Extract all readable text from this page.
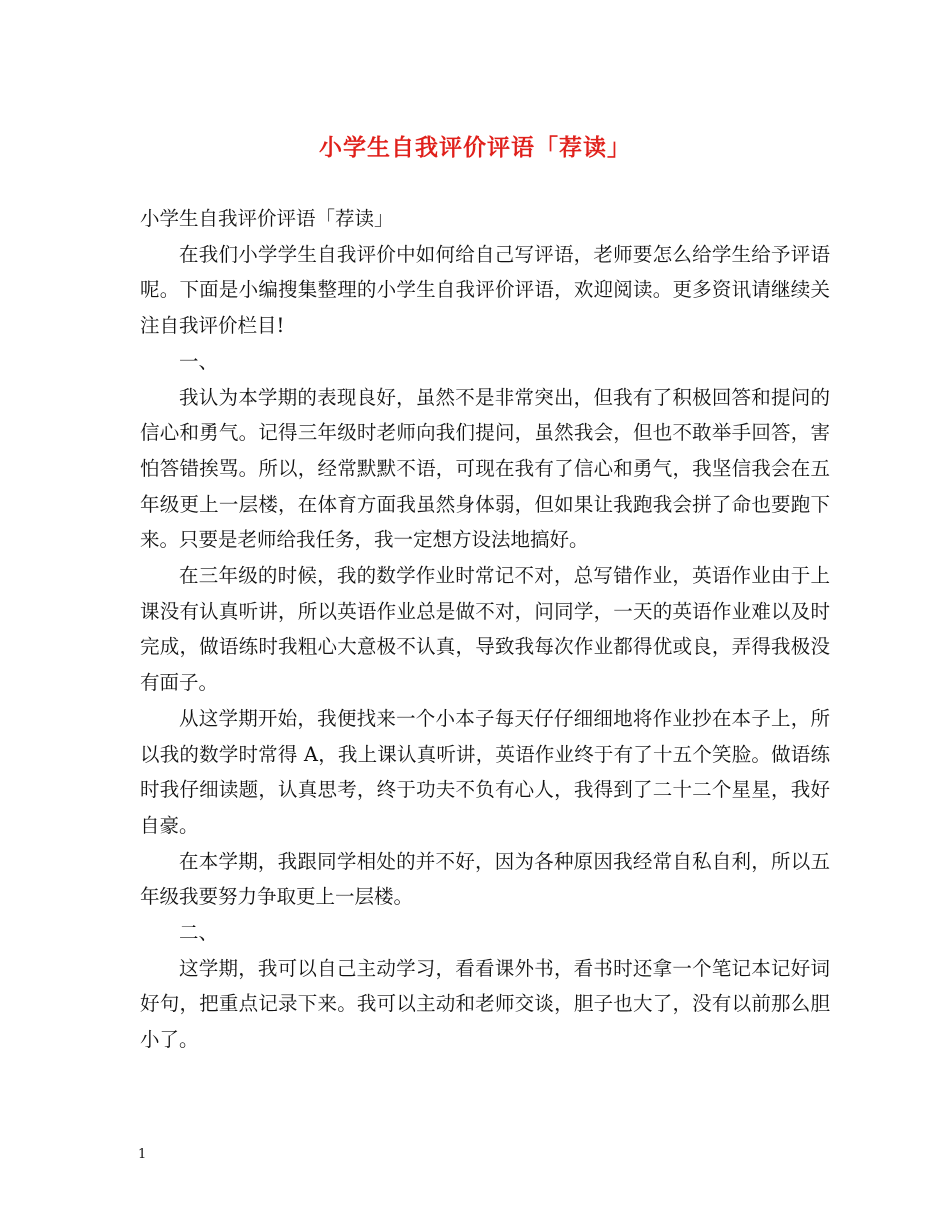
小学生自我评价评语「荐读」

小学生自我评价评语「荐读」

在我们小学学生自我评价中如何给自己写评语，老师要怎么给学生给予评语呢。下面是小编搜集整理的小学生自我评价评语，欢迎阅读。更多资讯请继续关注自我评价栏目!

一、

我认为本学期的表现良好，虽然不是非常突出，但我有了积极回答和提问的信心和勇气。记得三年级时老师向我们提问，虽然我会，但也不敢举手回答，害怕答错挨骂。所以，经常默默不语，可现在我有了信心和勇气，我坚信我会在五年级更上一层楼，在体育方面我虽然身体弱，但如果让我跑我会拼了命也要跑下来。只要是老师给我任务，我一定想方设法地搞好。

在三年级的时候，我的数学作业时常记不对，总写错作业，英语作业由于上课没有认真听讲，所以英语作业总是做不对，问同学，一天的英语作业难以及时完成，做语练时我粗心大意极不认真，导致我每次作业都得优或良，弄得我极没有面子。

从这学期开始，我便找来一个小本子每天仔仔细细地将作业抄在本子上，所以我的数学时常得 A，我上课认真听讲，英语作业终于有了十五个笑脸。做语练时我仔细读题，认真思考，终于功夫不负有心人，我得到了二十二个星星，我好自豪。

在本学期，我跟同学相处的并不好，因为各种原因我经常自私自利，所以五年级我要努力争取更上一层楼。

二、

这学期，我可以自己主动学习，看看课外书，看书时还拿一个笔记本记好词好句，把重点记录下来。我可以主动和老师交谈，胆子也大了，没有以前那么胆小了。

1
